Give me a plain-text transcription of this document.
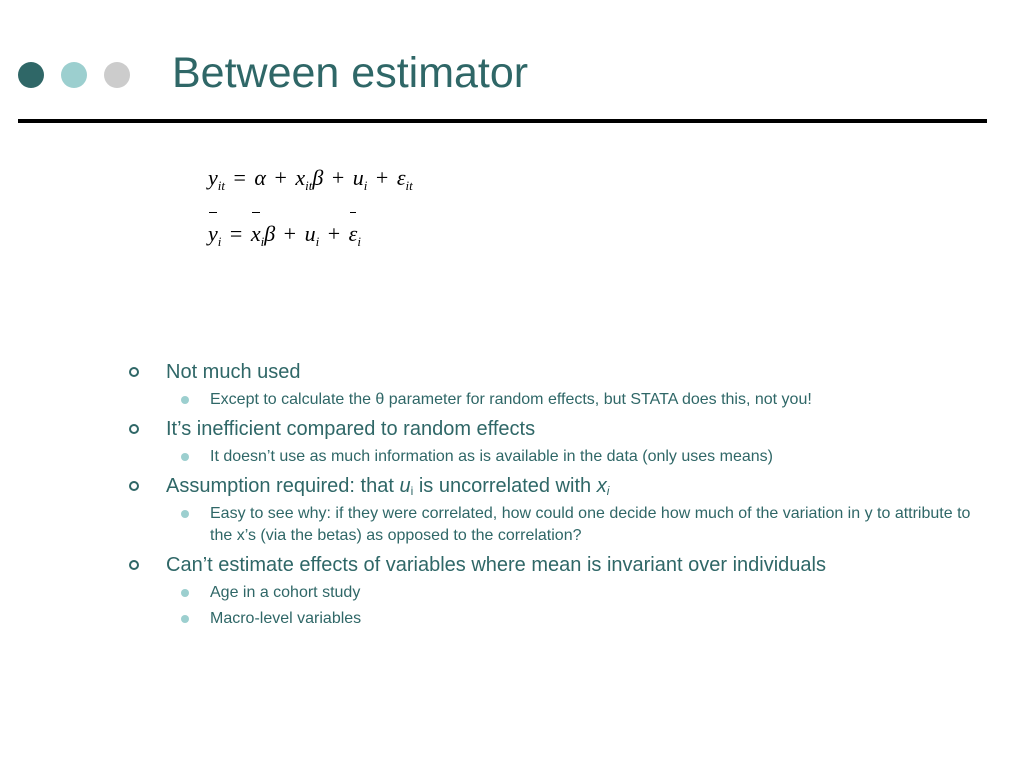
Between estimator
$y_{it} = \alpha + x_{it}\beta + u_i + \varepsilon_{it}$
$y_i = x_i\beta + u_i + \varepsilon_i$
Not much used
Except to calculate the θ parameter for random effects, but STATA does this, not you!
It’s inefficient compared to random effects
It doesn’t use as much information as is available in the data (only uses means)
Assumption required: that ui is uncorrelated with xi
Easy to see why: if they were correlated, how could one decide how much of the variation in y to attribute to the x’s (via the betas) as opposed to the correlation?
Can’t estimate effects of variables where mean is invariant over individuals
Age in a cohort study
Macro-level variables
